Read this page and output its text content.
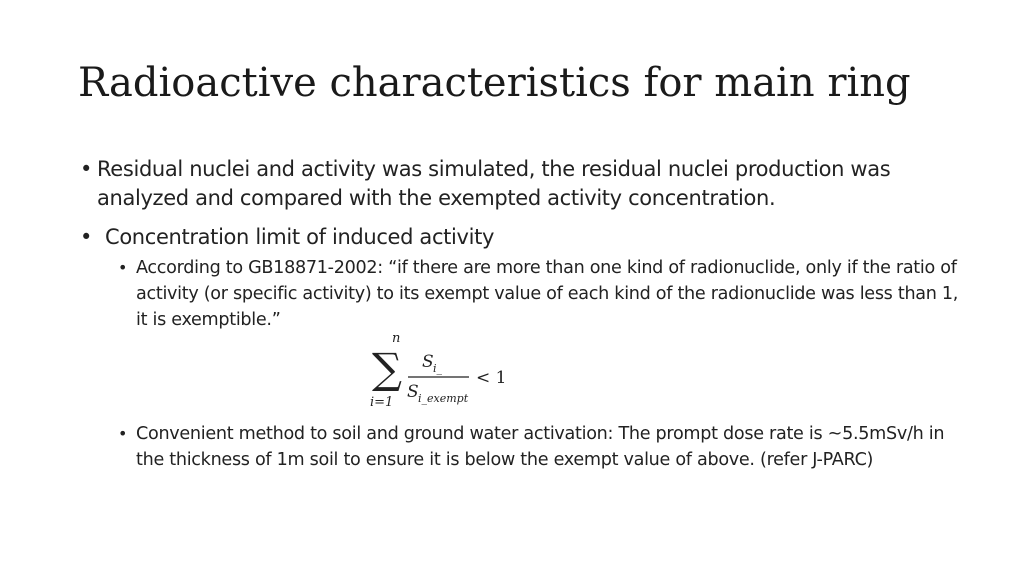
Radioactive characteristics for main ring
• Residual nuclei and activity was simulated, the residual nuclei production was analyzed and compared with the exempted activity concentration.
• Concentration limit of induced activity
• According to GB18871-2002: “if there are more than one kind of radionuclide, only if the ratio of activity (or specific activity) to its exempt value of each kind of the radionuclide was less than 1, it is exemptible.”
n
∑
i=1
S i_
S i_exempt
< 1
• Convenient method to soil and ground water activation: The prompt dose rate is ~5.5mSv/h in the thickness of 1m soil to ensure it is below the exempt value of above. (refer J-PARC)
